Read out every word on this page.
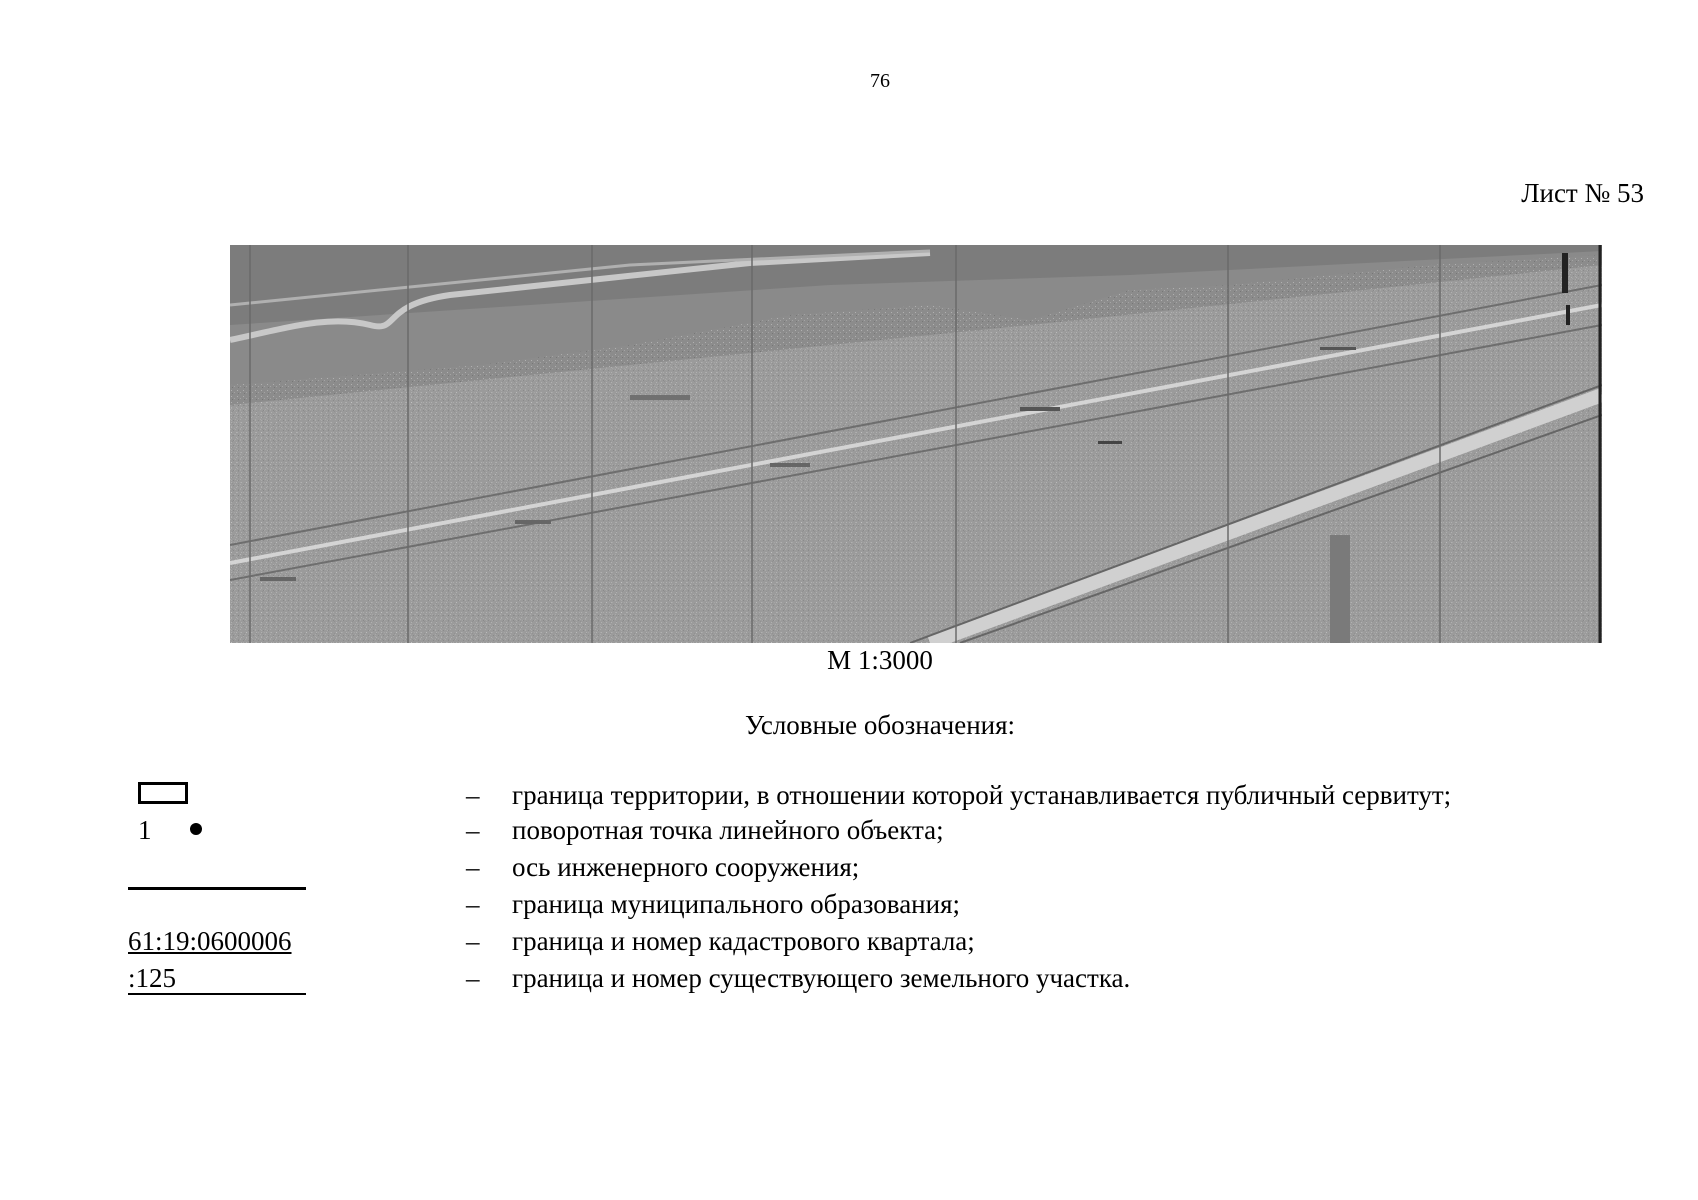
76
Лист № 53
М 1:3000
Условные обозначения:
– граница территории, в отношении которой устанавливается публичный сервитут;
1	– поворотная точка линейного объекта;
– ось инженерного сооружения;
– граница муниципального образования;
61:19:0600006	– граница и номер кадастрового квартала;
:125	– граница и номер существующего земельного участка.
